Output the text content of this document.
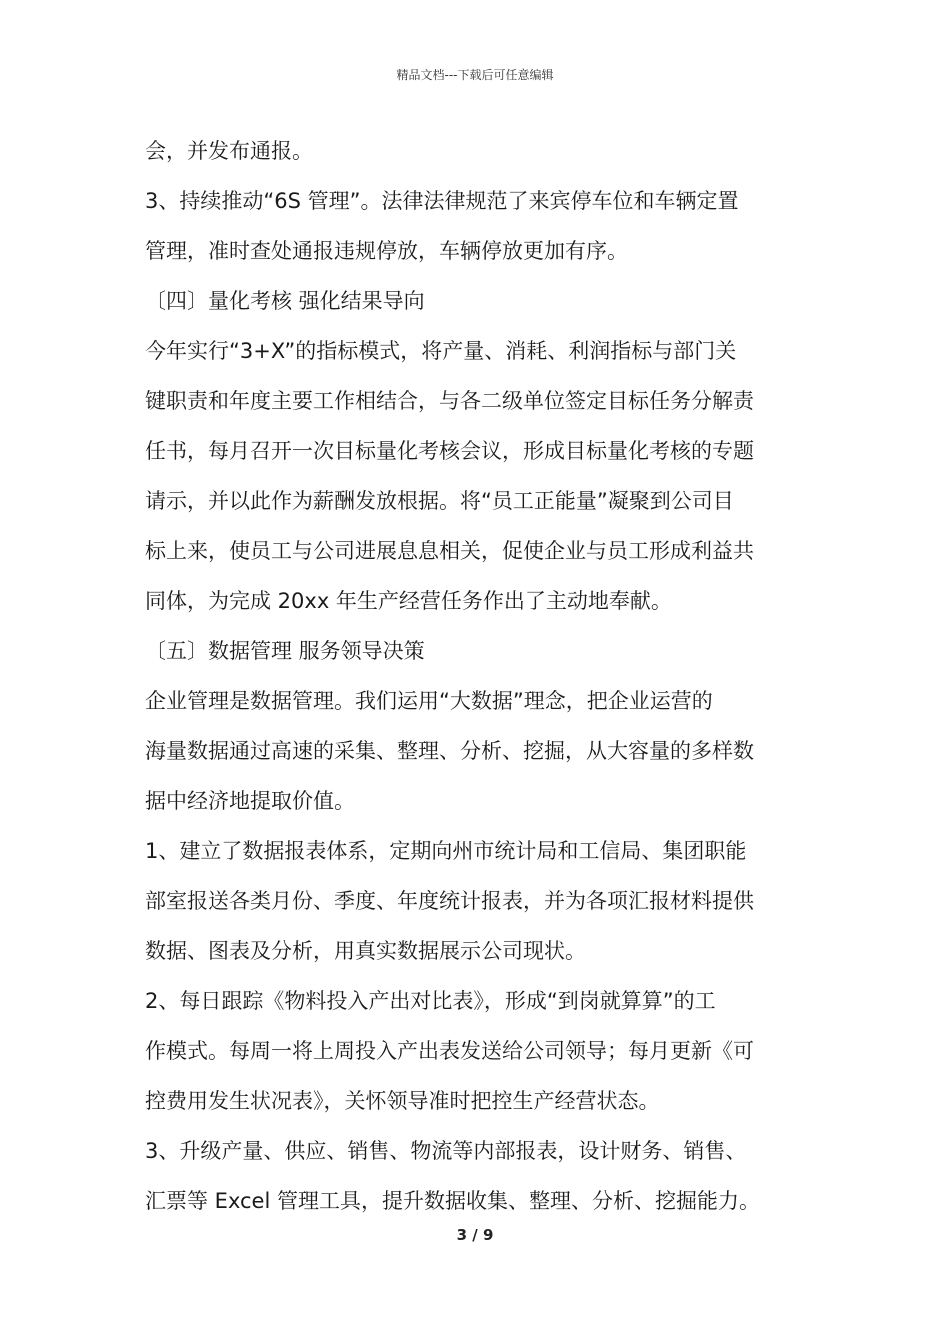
精品文档---下载后可任意编辑
会，并发布通报。
3、持续推动“6S 管理”。法律法律规范了来宾停车位和车辆定置
管理，准时查处通报违规停放，车辆停放更加有序。
〔四〕量化考核 强化结果导向
今年实行“3+X”的指标模式，将产量、消耗、利润指标与部门关
键职责和年度主要工作相结合，与各二级单位签定目标任务分解责
任书，每月召开一次目标量化考核会议，形成目标量化考核的专题
请示，并以此作为薪酬发放根据。将“员工正能量”凝聚到公司目
标上来，使员工与公司进展息息相关，促使企业与员工形成利益共
同体，为完成 20xx 年生产经营任务作出了主动地奉献。
〔五〕数据管理 服务领导决策
企业管理是数据管理。我们运用“大数据”理念，把企业运营的
海量数据通过高速的采集、整理、分析、挖掘，从大容量的多样数
据中经济地提取价值。
1、建立了数据报表体系，定期向州市统计局和工信局、集团职能
部室报送各类月份、季度、年度统计报表，并为各项汇报材料提供
数据、图表及分析，用真实数据展示公司现状。
2、每日跟踪《物料投入产出对比表》，形成“到岗就算算”的工
作模式。每周一将上周投入产出表发送给公司领导；每月更新《可
控费用发生状况表》，关怀领导准时把控生产经营状态。
3、升级产量、供应、销售、物流等内部报表，设计财务、销售、
汇票等 Excel 管理工具，提升数据收集、整理、分析、挖掘能力。
3 / 9
